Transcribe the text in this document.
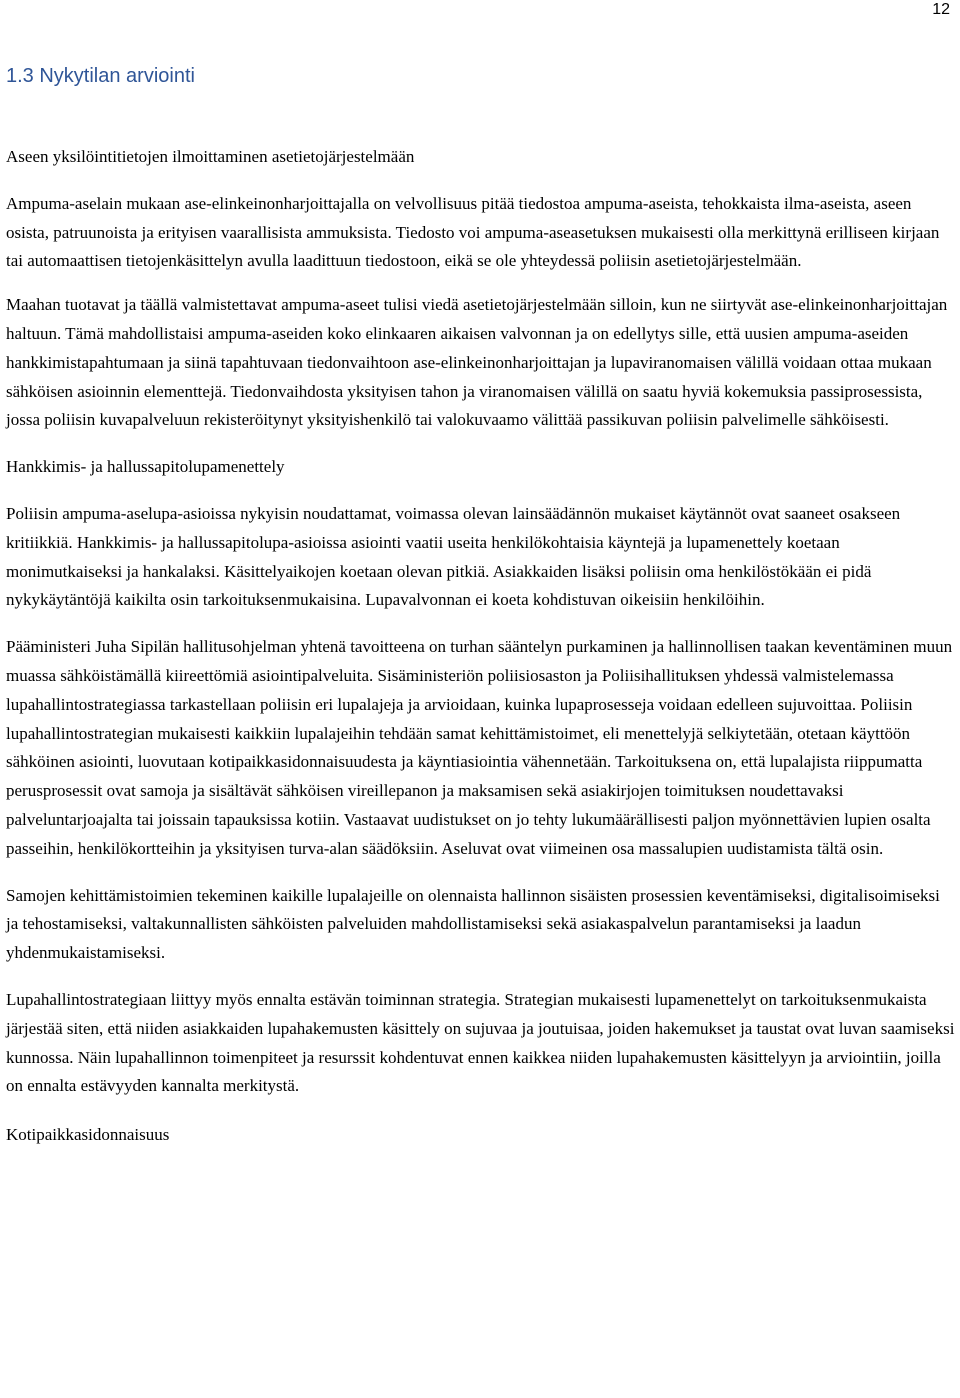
12
1.3 Nykytilan arviointi

Aseen yksilöintitietojen ilmoittaminen asetietojärjestelmään

Ampuma-aselain mukaan ase-elinkeinonharjoittajalla on velvollisuus pitää tiedostoa ampuma-aseista, tehokkaista ilma-aseista, aseen osista, patruunoista ja erityisen vaarallisista ammuksista. Tiedosto voi ampuma-aseasetuksen mukaisesti olla merkittynä erilliseen kirjaan tai automaattisen tietojenkäsittelyn avulla laadittuun tiedostoon, eikä se ole yhteydessä poliisin asetietojärjestelmään.

Maahan tuotavat ja täällä valmistettavat ampuma-aseet tulisi viedä asetietojärjestelmään silloin, kun ne siirtyvät ase-elinkeinonharjoittajan haltuun. Tämä mahdollistaisi ampuma-aseiden koko elinkaaren aikaisen valvonnan ja on edellytys sille, että uusien ampuma-aseiden hankkimistapahtumaan ja siinä tapahtuvaan tiedonvaihtoon ase-elinkeinonharjoittajan ja lupaviranomaisen välillä voidaan ottaa mukaan sähköisen asioinnin elementtejä. Tiedonvaihdosta yksityisen tahon ja viranomaisen välillä on saatu hyviä kokemuksia passiprosessista, jossa poliisin kuvapalveluun rekisteröitynyt yksityishenkilö tai valokuvaamo välittää passikuvan poliisin palvelimelle sähköisesti.

Hankkimis- ja hallussapitolupamenettely

Poliisin ampuma-aselupa-asioissa nykyisin noudattamat, voimassa olevan lainsäädännön mukaiset käytännöt ovat saaneet osakseen kritiikkiä. Hankkimis- ja hallussapitolupa-asioissa asiointi vaatii useita henkilökohtaisia käyntejä ja lupamenettely koetaan monimutkaiseksi ja hankalaksi. Käsittelyaikojen koetaan olevan pitkiä. Asiakkaiden lisäksi poliisin oma henkilöstökään ei pidä nykykäytäntöjä kaikilta osin tarkoituksenmukaisina. Lupavalvonnan ei koeta kohdistuvan oikeisiin henkilöihin.

Pääministeri Juha Sipilän hallitusohjelman yhtenä tavoitteena on turhan sääntelyn purkaminen ja hallinnollisen taakan keventäminen muun muassa sähköistämällä kiireettömiä asiointipalveluita. Sisäministeriön poliisiosaston ja Poliisihallituksen yhdessä valmistelemassa lupahallintostrategiassa tarkastellaan poliisin eri lupalajeja ja arvioidaan, kuinka lupaprosesseja voidaan edelleen sujuvoittaa. Poliisin lupahallintostrategian mukaisesti kaikkiin lupalajeihin tehdään samat kehittämistoimet, eli menettelyjä selkiytetään, otetaan käyttöön sähköinen asiointi, luovutaan kotipaikkasidonnaisuudesta ja käyntiasiointia vähennetään. Tarkoituksena on, että lupalajista riippumatta perusprosessit ovat samoja ja sisältävät sähköisen vireillepanon ja maksamisen sekä asiakirjojen toimituksen noudettavaksi palveluntarjoajalta tai joissain tapauksissa kotiin. Vastaavat uudistukset on jo tehty lukumäärällisesti paljon myönnettävien lupien osalta passeihin, henkilökortteihin ja yksityisen turva-alan säädöksiin. Aseluvat ovat viimeinen osa massalupien uudistamista tältä osin.

Samojen kehittämistoimien tekeminen kaikille lupalajeille on olennaista hallinnon sisäisten prosessien keventämiseksi, digitalisoimiseksi ja tehostamiseksi, valtakunnallisten sähköisten palveluiden mahdollistamiseksi sekä asiakaspalvelun parantamiseksi ja laadun yhdenmukaistamiseksi.

Lupahallintostrategiaan liittyy myös ennalta estävän toiminnan strategia. Strategian mukaisesti lupamenettelyt on tarkoituksenmukaista järjestää siten, että niiden asiakkaiden lupahakemusten käsittely on sujuvaa ja joutuisaa, joiden hakemukset ja taustat ovat luvan saamiseksi kunnossa. Näin lupahallinnon toimenpiteet ja resurssit kohdentuvat ennen kaikkea niiden lupahakemusten käsittelyyn ja arviointiin, joilla on ennalta estävyyden kannalta merkitystä.

Kotipaikkasidonnaisuus
